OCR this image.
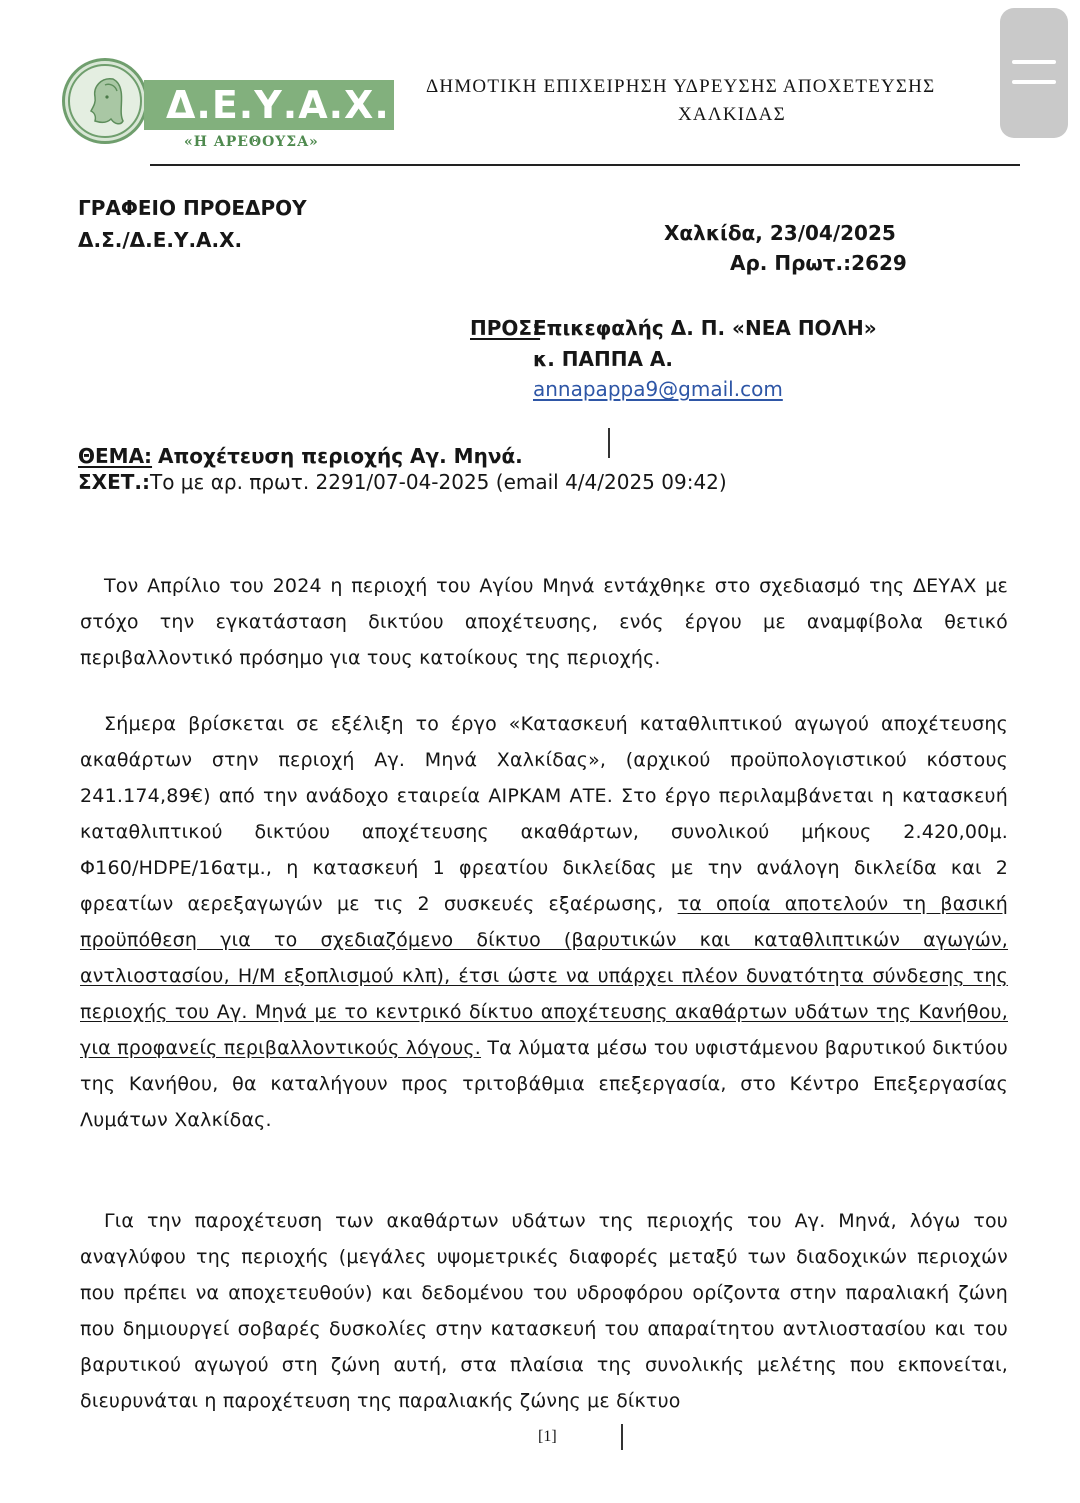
Δ.Ε.Υ.Α.Χ.
«Η ΑΡΕΘΟΥΣΑ»
ΔΗΜΟΤΙΚΗ ΕΠΙΧΕΙΡΗΣΗ ΥΔΡΕΥΣΗΣ ΑΠΟΧΕΤΕΥΣΗΣ
ΧΑΛΚΙΔΑΣ
ΓΡΑΦΕΙΟ ΠΡΟΕΔΡΟΥ
Δ.Σ./Δ.Ε.Υ.Α.Χ.	Χαλκίδα, 23/04/2025
Αρ. Πρωτ.:2629
ΠΡΟΣ:
Επικεφαλής Δ. Π. «ΝΕΑ ΠΟΛΗ»
κ. ΠΑΠΠΑ Α.
annapappa9@gmail.com
ΘΕΜΑ: Αποχέτευση περιοχής Αγ. Μηνά.
ΣΧΕΤ.: Το με αρ. πρωτ. 2291/07-04-2025 (email 4/4/2025 09:42)
Τον Απρίλιο του 2024 η περιοχή του Αγίου Μηνά εντάχθηκε στο σχεδιασμό της ΔΕΥΑΧ με στόχο την εγκατάσταση δικτύου αποχέτευσης, ενός έργου με αναμφίβολα θετικό περιβαλλοντικό πρόσημο για τους κατοίκους της περιοχής.
Σήμερα βρίσκεται σε εξέλιξη το έργο «Κατασκευή καταθλιπτικού αγωγού αποχέτευσης ακαθάρτων στην περιοχή Αγ. Μηνά Χαλκίδας», (αρχικού προϋπολογιστικού κόστους 241.174,89€) από την ανάδοχο εταιρεία ΑΙΡΚΑΜ ΑΤΕ. Στο έργο περιλαμβάνεται η κατασκευή καταθλιπτικού δικτύου αποχέτευσης ακαθάρτων, συνολικού μήκους 2.420,00μ. Φ160/HDPE/16ατμ., η κατασκευή 1 φρεατίου δικλείδας με την ανάλογη δικλείδα και 2 φρεατίων αερεξαγωγών με τις 2 συσκευές εξαέρωσης, τα οποία αποτελούν τη βασική προϋπόθεση για το σχεδιαζόμενο δίκτυο (βαρυτικών και καταθλιπτικών αγωγών, αντλιοστασίου, Η/Μ εξοπλισμού κλπ), έτσι ώστε να υπάρχει πλέον δυνατότητα σύνδεσης της περιοχής του Αγ. Μηνά με το κεντρικό δίκτυο αποχέτευσης ακαθάρτων υδάτων της Κανήθου, για προφανείς περιβαλλοντικούς λόγους. Τα λύματα μέσω του υφιστάμενου βαρυτικού δικτύου της Κανήθου, θα καταλήγουν προς τριτοβάθμια επεξεργασία, στο Κέντρο Επεξεργασίας Λυμάτων Χαλκίδας.
Για την παροχέτευση των ακαθάρτων υδάτων της περιοχής του Αγ. Μηνά, λόγω του αναγλύφου της περιοχής (μεγάλες υψομετρικές διαφορές μεταξύ των διαδοχικών περιοχών που πρέπει να αποχετευθούν) και δεδομένου του υδροφόρου ορίζοντα στην παραλιακή ζώνη που δημιουργεί σοβαρές δυσκολίες στην κατασκευή του απαραίτητου αντλιοστασίου και του βαρυτικού αγωγού στη ζώνη αυτή, στα πλαίσια της συνολικής μελέτης που εκπονείται, διευρυνάται η παροχέτευση της παραλιακής ζώνης με δίκτυο
[1]
